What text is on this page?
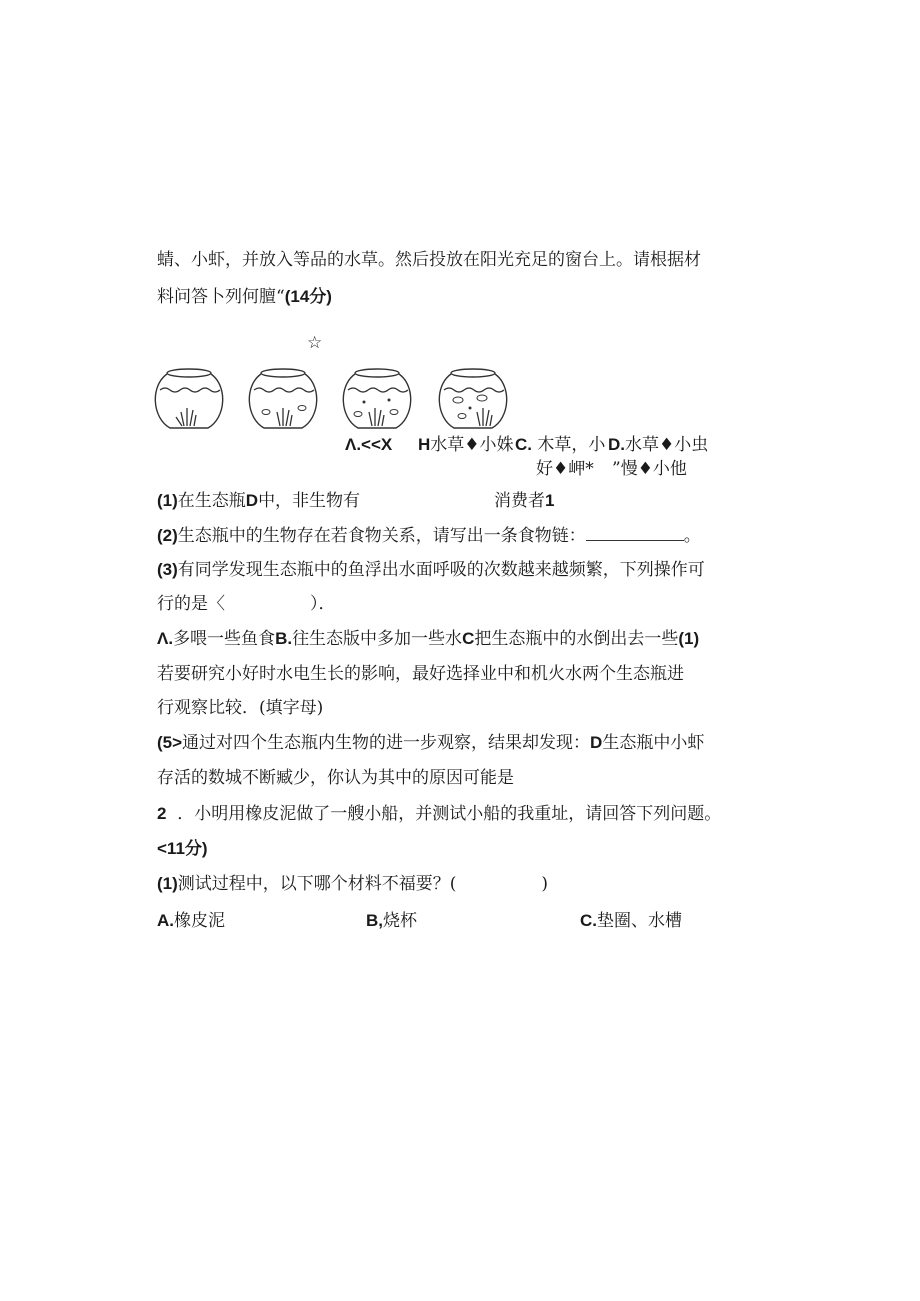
蜻、小虾，并放入等品的水草。然后投放在阳光充足的窗台上。请根据材
料问答卜列何膻“(14分)
☆
Λ.<<X H水草♦小姝 C. 木草，小
好♦岬*
D.水草♦小虫
”慢♦小他
(1)在生态瓶D中，非生物有	消费者1
(2)生态瓶中的生物存在若食物关系，请写出一条食物链：	。
(3)有同学发现生态瓶中的鱼浮出水面呼吸的次数越来越频繁，下列操作可
行的是〈　　　　　）．
Λ.多喂一些鱼食B.往生态版中多加一些水C把生态瓶中的水倒出去一些(1)
若要研究小好时水电生长的影响，最好选择业中和机火水两个生态瓶进
行观察比较．(填字母)
(5>通过对四个生态瓶内生物的进一步观察，结果却发现：D生态瓶中小虾
存活的数城不断臧少，你认为其中的原因可能是
2 ．小明用橡皮泥做了一艘小船，并测试小船的我重址，请回答下列问题。
<11分)
(1)测试过程中，以下哪个材料不福要？(　　　　　)
A.橡皮泥	B,烧杯	C.垫圈、水槽
